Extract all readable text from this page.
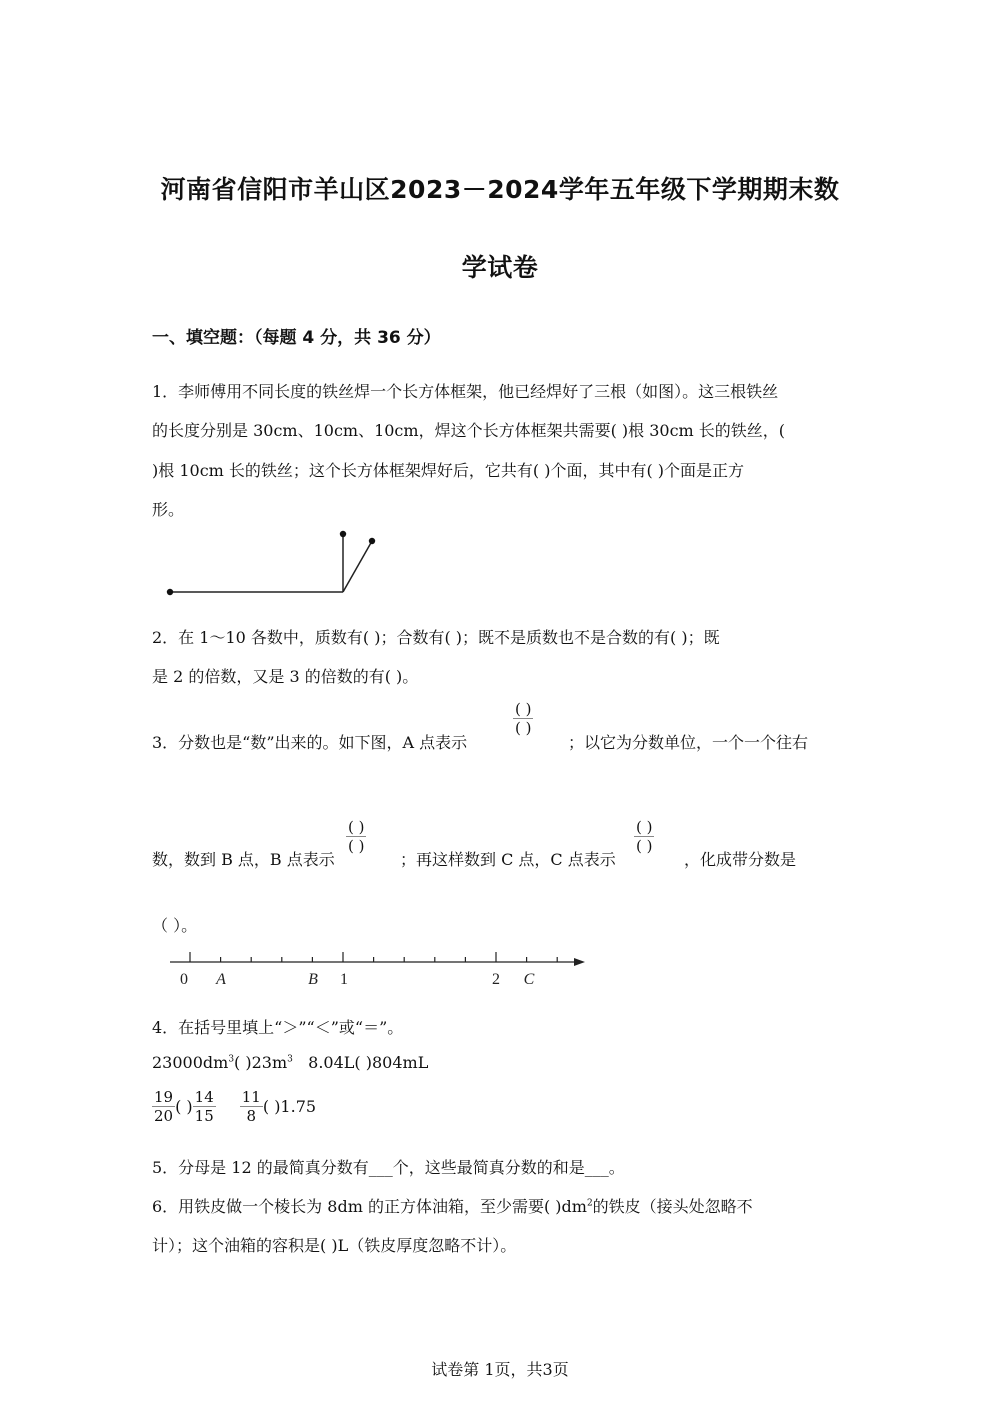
河南省信阳市羊山区2023－2024学年五年级下学期期末数
学试卷
一、填空题：（每题 4 分，共 36 分）
1．李师傅用不同长度的铁丝焊一个长方体框架，他已经焊好了三根（如图）。这三根铁丝
的长度分别是 30cm、10cm、10cm，焊这个长方体框架共需要( )根 30cm 长的铁丝，(
)根 10cm 长的铁丝；这个长方体框架焊好后，它共有( )个面，其中有( )个面是正方
形。
2．在 1～10 各数中，质数有( )；合数有( )；既不是质数也不是合数的有( )；既
是 2 的倍数，又是 3 的倍数的有( )。
3．分数也是“数”出来的。如下图，A 点表示
( )
( )
；以它为分数单位，一个一个往右
数，数到 B 点，B 点表示
( )
( )
；再这样数到 C 点，C 点表示
( )
( )
，化成带分数是
（ ）。
0 A	B 1	2 C
4．在括号里填上“＞”“＜”或“＝”。
$23000dm^3$( )$23m^3$ 8.04L( )804mL
$\frac{19}{20}$ ( ) $\frac{14}{15} \frac{11}{8}$ ( )1.75
5．分母是 12 的最简真分数有___个，这些最简真分数的和是___。
6．用铁皮做一个棱长为 8dm 的正方体油箱，至少需要( )$dm^2$的铁皮（接头处忽略不
计）；这个油箱的容积是( )L（铁皮厚度忽略不计）。
试卷第 1页，共3页
